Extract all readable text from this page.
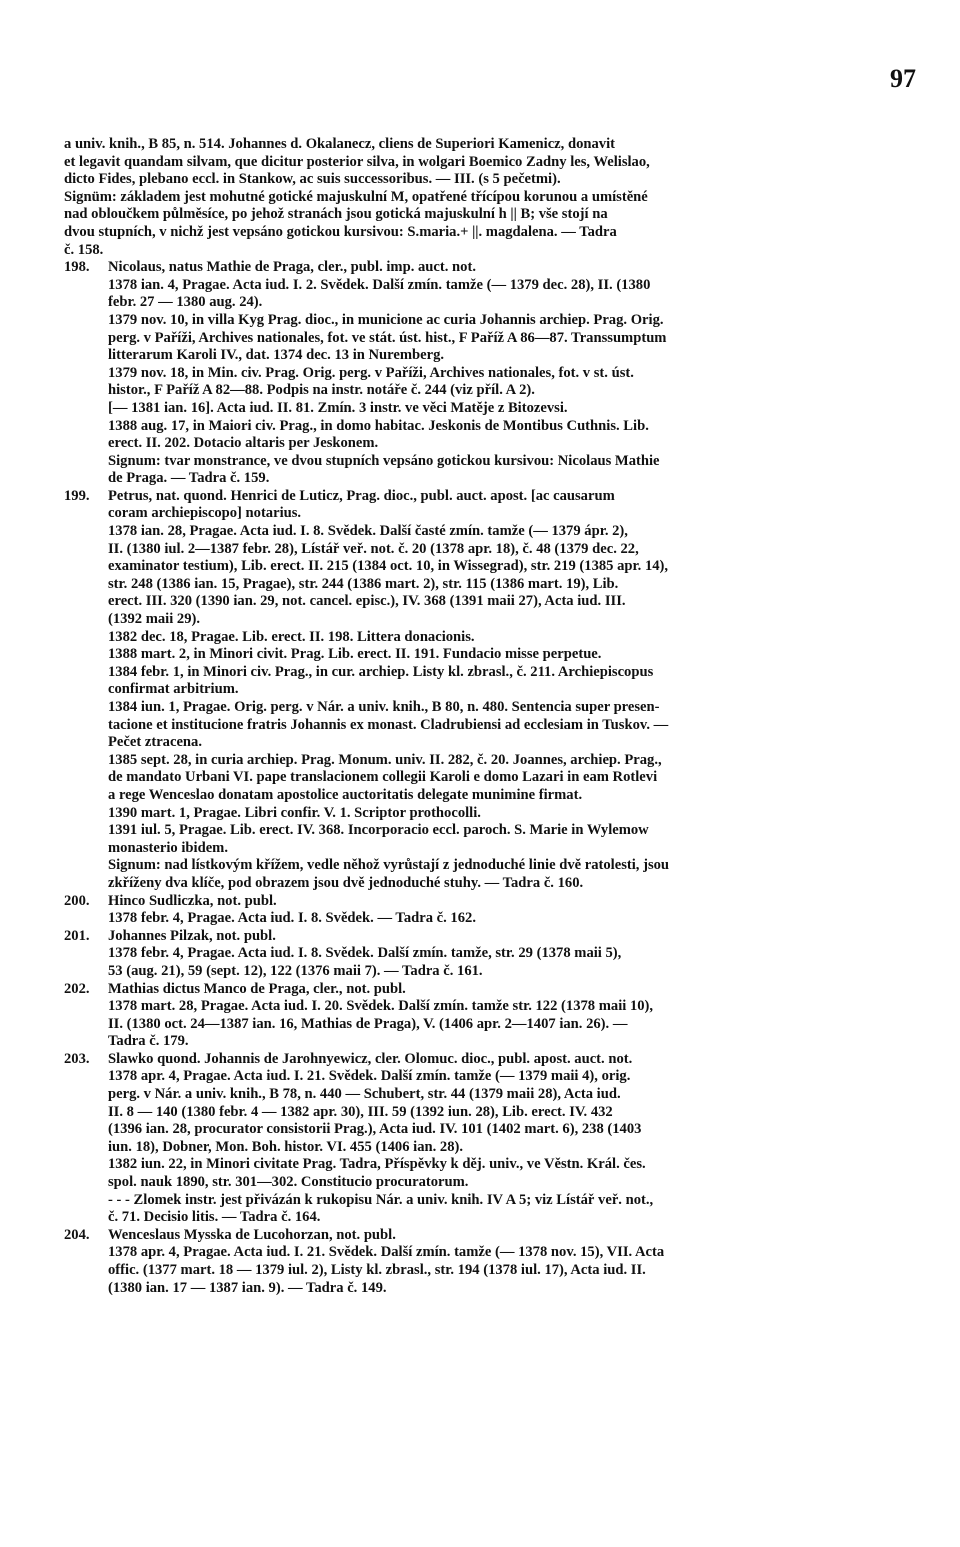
97
a univ. knih., B 85, n. 514. Johannes d. Okalanecz, cliens de Superiori Kamenicz, donavit
et legavit quandam silvam, que dicitur posterior silva, in wolgari Boemico Zadny les, Welislao,
dicto Fides, plebano eccl. in Stankow, ac suis successoribus. — III. (s 5 pečetmi).
Signüm: základem jest mohutné gotické majuskulní M, opatřené třícípou korunou a umístěné
nad obloučkem půlměsíce, po jehož stranách jsou gotická majuskulní h || B; vše stojí na
dvou stupních, v nichž jest vepsáno gotickou kursivou: S.maria.+ ||. magdalena. — Tadra
č. 158.
198. Nicolaus, natus Mathie de Praga, cler., publ. imp. auct. not.
1378 ian. 4, Pragae. Acta iud. I. 2. Svědek. Další zmín. tamže (— 1379 dec. 28), II. (1380
febr. 27 — 1380 aug. 24).
1379 nov. 10, in villa Kyg Prag. dioc., in municione ac curia Johannis archiep. Prag. Orig.
perg. v Paříži, Archives nationales, fot. ve stát. úst. hist., F Paříž A 86—87. Transsumptum
litterarum Karoli IV., dat. 1374 dec. 13 in Nuremberg.
1379 nov. 18, in Min. civ. Prag. Orig. perg. v Paříži, Archives nationales, fot. v st. úst.
histor., F Paříž A 82—88. Podpis na instr. notáře č. 244 (viz příl. A 2).
[— 1381 ian. 16]. Acta iud. II. 81. Zmín. 3 instr. ve věci Matěje z Bitozevsi.
1388 aug. 17, in Maiori civ. Prag., in domo habitac. Jeskonis de Montibus Cuthnis. Lib.
erect. II. 202. Dotacio altaris per Jeskonem.
Signum: tvar monstrance, ve dvou stupních vepsáno gotickou kursivou: Nicolaus Mathie
de Praga. — Tadra č. 159.
199. Petrus, nat. quond. Henrici de Luticz, Prag. dioc., publ. auct. apost. [ac causarum
coram archiepiscopo] notarius.
1378 ian. 28, Pragae. Acta iud. I. 8. Svědek. Další časté zmín. tamže (— 1379 ápr. 2),
II. (1380 iul. 2—1387 febr. 28), Lístář veř. not. č. 20 (1378 apr. 18), č. 48 (1379 dec. 22,
examinator testium), Lib. erect. II. 215 (1384 oct. 10, in Wissegrad), str. 219 (1385 apr. 14),
str. 248 (1386 ian. 15, Pragae), str. 244 (1386 mart. 2), str. 115 (1386 mart. 19), Lib.
erect. III. 320 (1390 ian. 29, not. cancel. episc.), IV. 368 (1391 maii 27), Acta iud. III.
(1392 maii 29).
1382 dec. 18, Pragae. Lib. erect. II. 198. Littera donacionis.
1388 mart. 2, in Minori civit. Prag. Lib. erect. II. 191. Fundacio misse perpetue.
1384 febr. 1, in Minori civ. Prag., in cur. archiep. Listy kl. zbrasl., č. 211. Archiepiscopus
confirmat arbitrium.
1384 iun. 1, Pragae. Orig. perg. v Nár. a univ. knih., B 80, n. 480. Sentencia super presen-
tacione et institucione fratris Johannis ex monast. Cladrubiensi ad ecclesiam in Tuskov. —
Pečet ztracena.
1385 sept. 28, in curia archiep. Prag. Monum. univ. II. 282, č. 20. Joannes, archiep. Prag.,
de mandato Urbani VI. pape translacionem collegii Karoli e domo Lazari in eam Rotlevi
a rege Wenceslao donatam apostolice auctoritatis delegate munimine firmat.
1390 mart. 1, Pragae. Libri confir. V. 1. Scriptor prothocolli.
1391 iul. 5, Pragae. Lib. erect. IV. 368. Incorporacio eccl. paroch. S. Marie in Wylemow
monasterio ibidem.
Signum: nad lístkovým křížem, vedle něhož vyrůstají z jednoduché linie dvě ratolesti, jsou
zkříženy dva klíče, pod obrazem jsou dvě jednoduché stuhy. — Tadra č. 160.
200. Hinco Sudliczka, not. publ.
1378 febr. 4, Pragae. Acta iud. I. 8. Svědek. — Tadra č. 162.
201. Johannes Pilzak, not. publ.
1378 febr. 4, Pragae. Acta iud. I. 8. Svědek. Další zmín. tamže, str. 29 (1378 maii 5),
53 (aug. 21), 59 (sept. 12), 122 (1376 maii 7). — Tadra č. 161.
202. Mathias dictus Manco de Praga, cler., not. publ.
1378 mart. 28, Pragae. Acta iud. I. 20. Svědek. Další zmín. tamže str. 122 (1378 maii 10),
II. (1380 oct. 24—1387 ian. 16, Mathias de Praga), V. (1406 apr. 2—1407 ian. 26). —
Tadra č. 179.
203. Slawko quond. Johannis de Jarohnyewicz, cler. Olomuc. dioc., publ. apost. auct. not.
1378 apr. 4, Pragae. Acta iud. I. 21. Svědek. Další zmín. tamže (— 1379 maii 4), orig.
perg. v Nár. a univ. knih., B 78, n. 440 — Schubert, str. 44 (1379 maii 28), Acta iud.
II. 8 — 140 (1380 febr. 4 — 1382 apr. 30), III. 59 (1392 iun. 28), Lib. erect. IV. 432
(1396 ian. 28, procurator consistorii Prag.), Acta iud. IV. 101 (1402 mart. 6), 238 (1403
iun. 18), Dobner, Mon. Boh. histor. VI. 455 (1406 ian. 28).
1382 iun. 22, in Minori civitate Prag. Tadra, Příspěvky k děj. univ., ve Věstn. Král. čes.
spol. nauk 1890, str. 301—302. Constitucio procuratorum.
- - - Zlomek instr. jest přivázán k rukopisu Nár. a univ. knih. IV A 5; viz Lístář veř. not.,
č. 71. Decisio litis. — Tadra č. 164.
204. Wenceslaus Mysska de Lucohorzan, not. publ.
1378 apr. 4, Pragae. Acta iud. I. 21. Svědek. Další zmín. tamže (— 1378 nov. 15), VII. Acta
offic. (1377 mart. 18 — 1379 iul. 2), Listy kl. zbrasl., str. 194 (1378 iul. 17), Acta iud. II.
(1380 ian. 17 — 1387 ian. 9). — Tadra č. 149.
